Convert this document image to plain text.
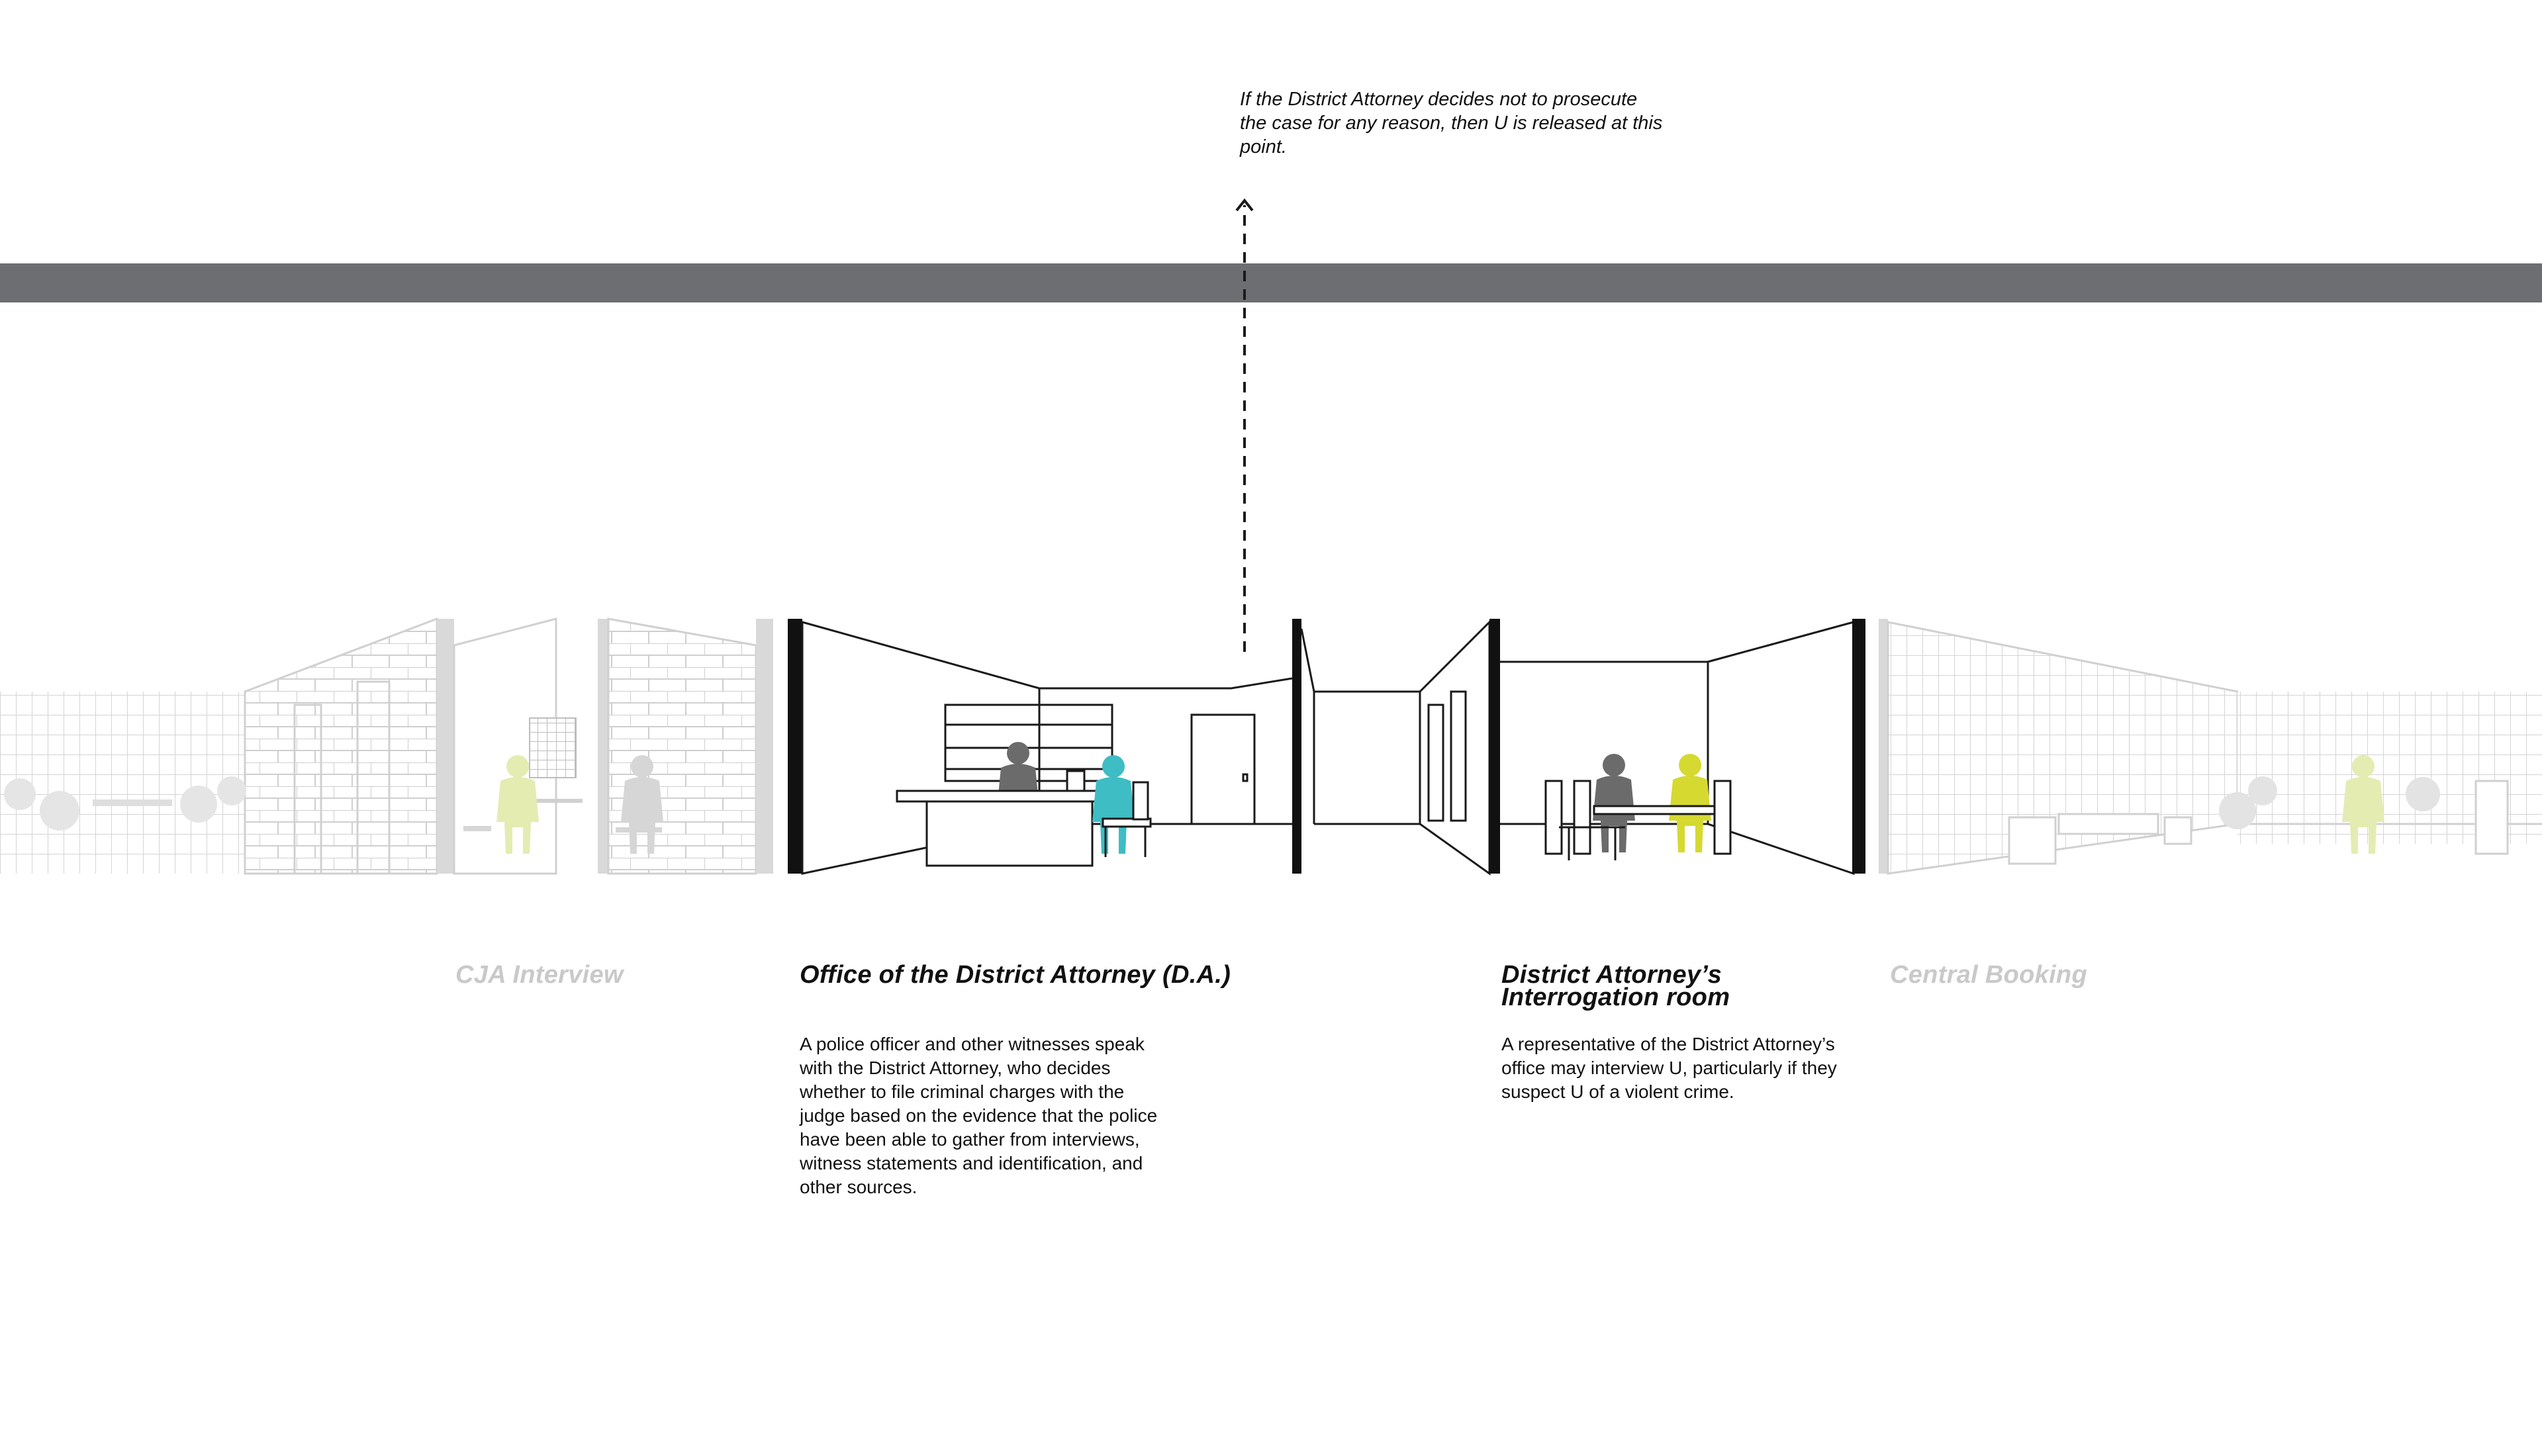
If the District Attorney decides not to prosecute the case for any reason, then U is released at this point.
CJA Interview	Office of the District Attorney (D.A.)
A police officer and other witnesses speak with the District Attorney, who decides whether to file criminal charges with the judge based on the evidence that the police have been able to gather from interviews, witness statements and identification, and other sources.
District Attorney’s
Interrogation room
A representative of the District Attorney’s office may interview U, particularly if they suspect U of a violent crime.
Central Booking
